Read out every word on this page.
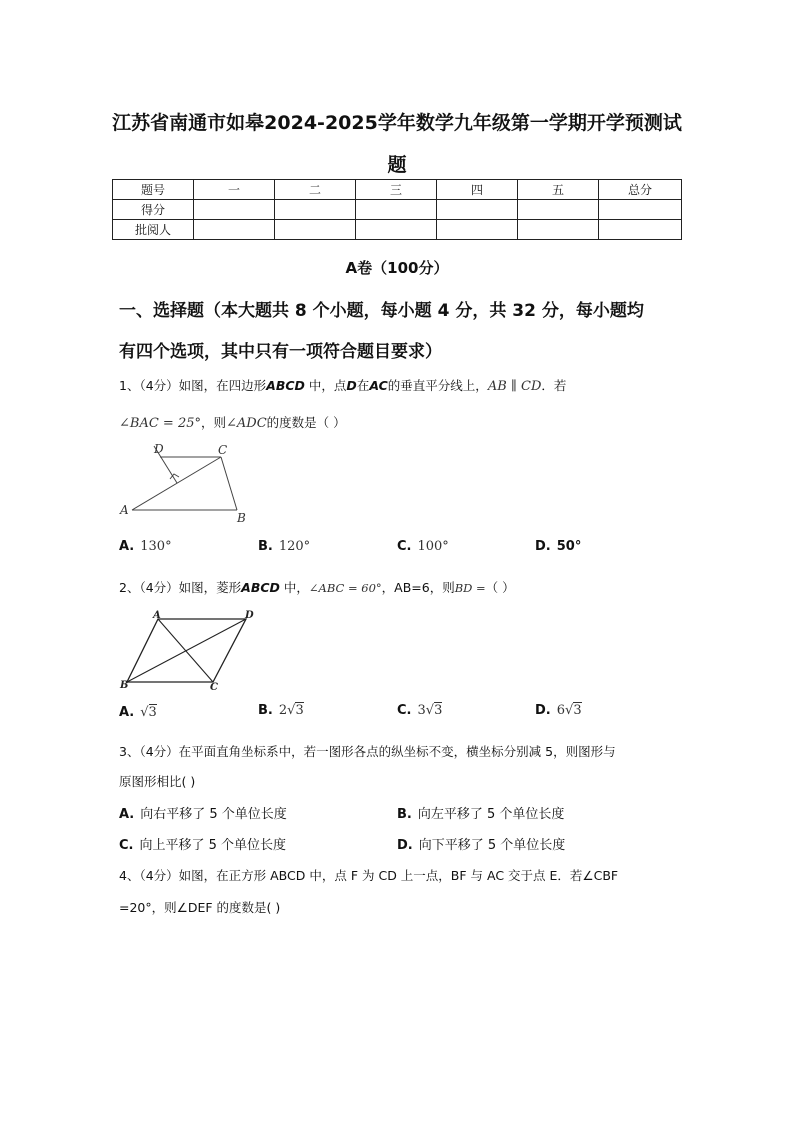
江苏省南通市如皋2024-2025学年数学九年级第一学期开学预测试
题
题号	一	二	三	四	五	总分
得分						
批阅人						
A卷（100分）
一、选择题（本大题共 8 个小题，每小题 4 分，共 32 分，每小题均
有四个选项，其中只有一项符合题目要求）
1、（4分）如图，在四边形ABCD 中，点D在AC的垂直平分线上，AB ∥ CD．若
∠BAC = 25°，则∠ADC的度数是（ ）
A
B
C
D
A. 130°	B. 120°	C. 100°	D. 50°
2、（4分）如图，菱形ABCD 中，∠ABC = 60°，AB=6，则BD =（ ）
A
B	C
D
A. √3	B. 2√3	C. 3√3	D. 6√3
3、（4分）在平面直角坐标系中，若一图形各点的纵坐标不变，横坐标分别减 5，则图形与
原图形相比( )
A. 向右平移了 5 个单位长度	B. 向左平移了 5 个单位长度
C. 向上平移了 5 个单位长度	D. 向下平移了 5 个单位长度
4、（4分）如图，在正方形 ABCD 中，点 F 为 CD 上一点，BF 与 AC 交于点 E．若∠CBF
=20°，则∠DEF 的度数是( )
